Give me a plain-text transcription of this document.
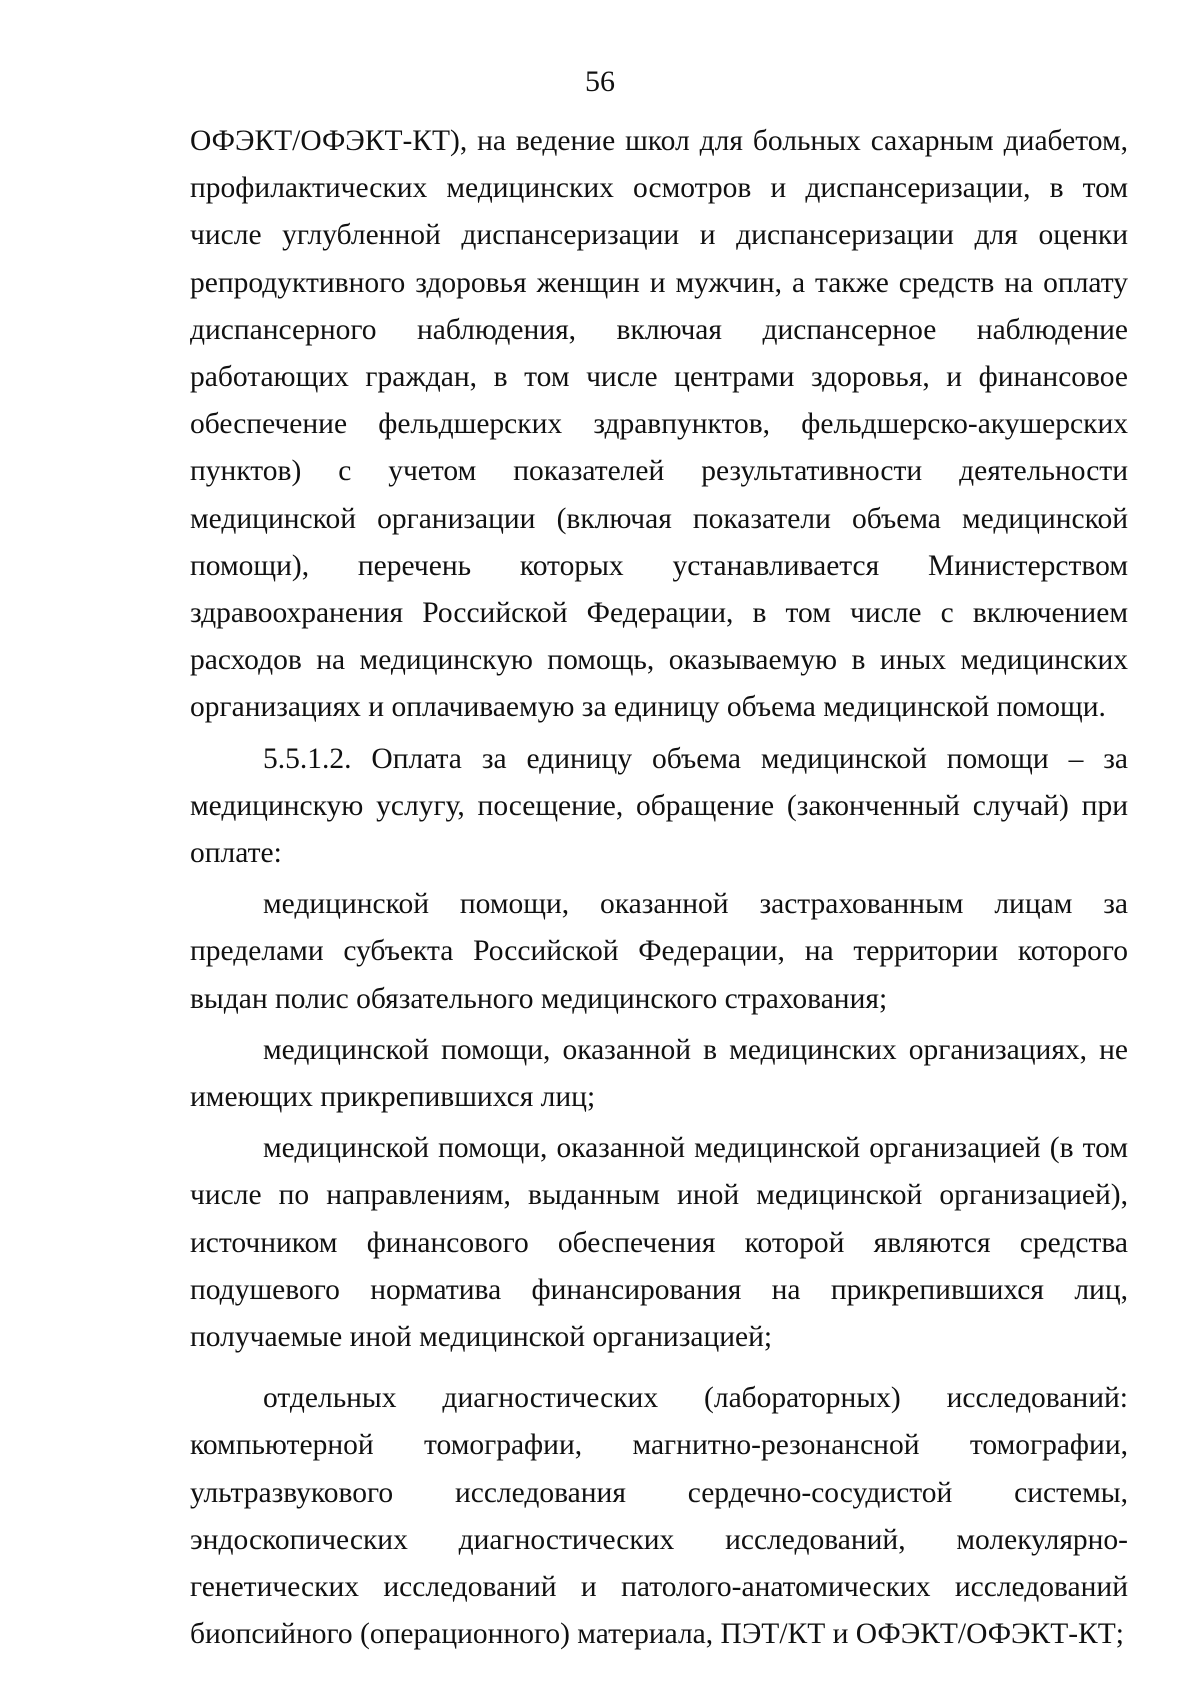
56

ОФЭКТ/ОФЭКТ-КТ), на ведение школ для больных сахарным диабетом, профилактических медицинских осмотров и диспансеризации, в том числе углубленной диспансеризации и диспансеризации для оценки репродуктивного здоровья женщин и мужчин, а также средств на оплату диспансерного наблюдения, включая диспансерное наблюдение работающих граждан, в том числе центрами здоровья, и финансовое обеспечение фельдшерских здравпунктов, фельдшерско-акушерских пунктов) с учетом показателей результативности деятельности медицинской организации (включая показатели объема медицинской помощи), перечень которых устанавливается Министерством здравоохранения Российской Федерации, в том числе с включением расходов на медицинскую помощь, оказываемую в иных медицинских организациях и оплачиваемую за единицу объема медицинской помощи.

5.5.1.2. Оплата за единицу объема медицинской помощи – за медицинскую услугу, посещение, обращение (законченный случай) при оплате:

медицинской помощи, оказанной застрахованным лицам за пределами субъекта Российской Федерации, на территории которого выдан полис обязательного медицинского страхования;

медицинской помощи, оказанной в медицинских организациях, не имеющих прикрепившихся лиц;

медицинской помощи, оказанной медицинской организацией (в том числе по направлениям, выданным иной медицинской организацией), источником финансового обеспечения которой являются средства подушевого норматива финансирования на прикрепившихся лиц, получаемые иной медицинской организацией;

отдельных диагностических (лабораторных) исследований: компьютерной томографии, магнитно-резонансной томографии, ультразвукового исследования сердечно-сосудистой системы, эндоскопических диагностических исследований, молекулярно-генетических исследований и патолого-анатомических исследований биопсийного (операционного) материала, ПЭТ/КТ и ОФЭКТ/ОФЭКТ-КТ;
